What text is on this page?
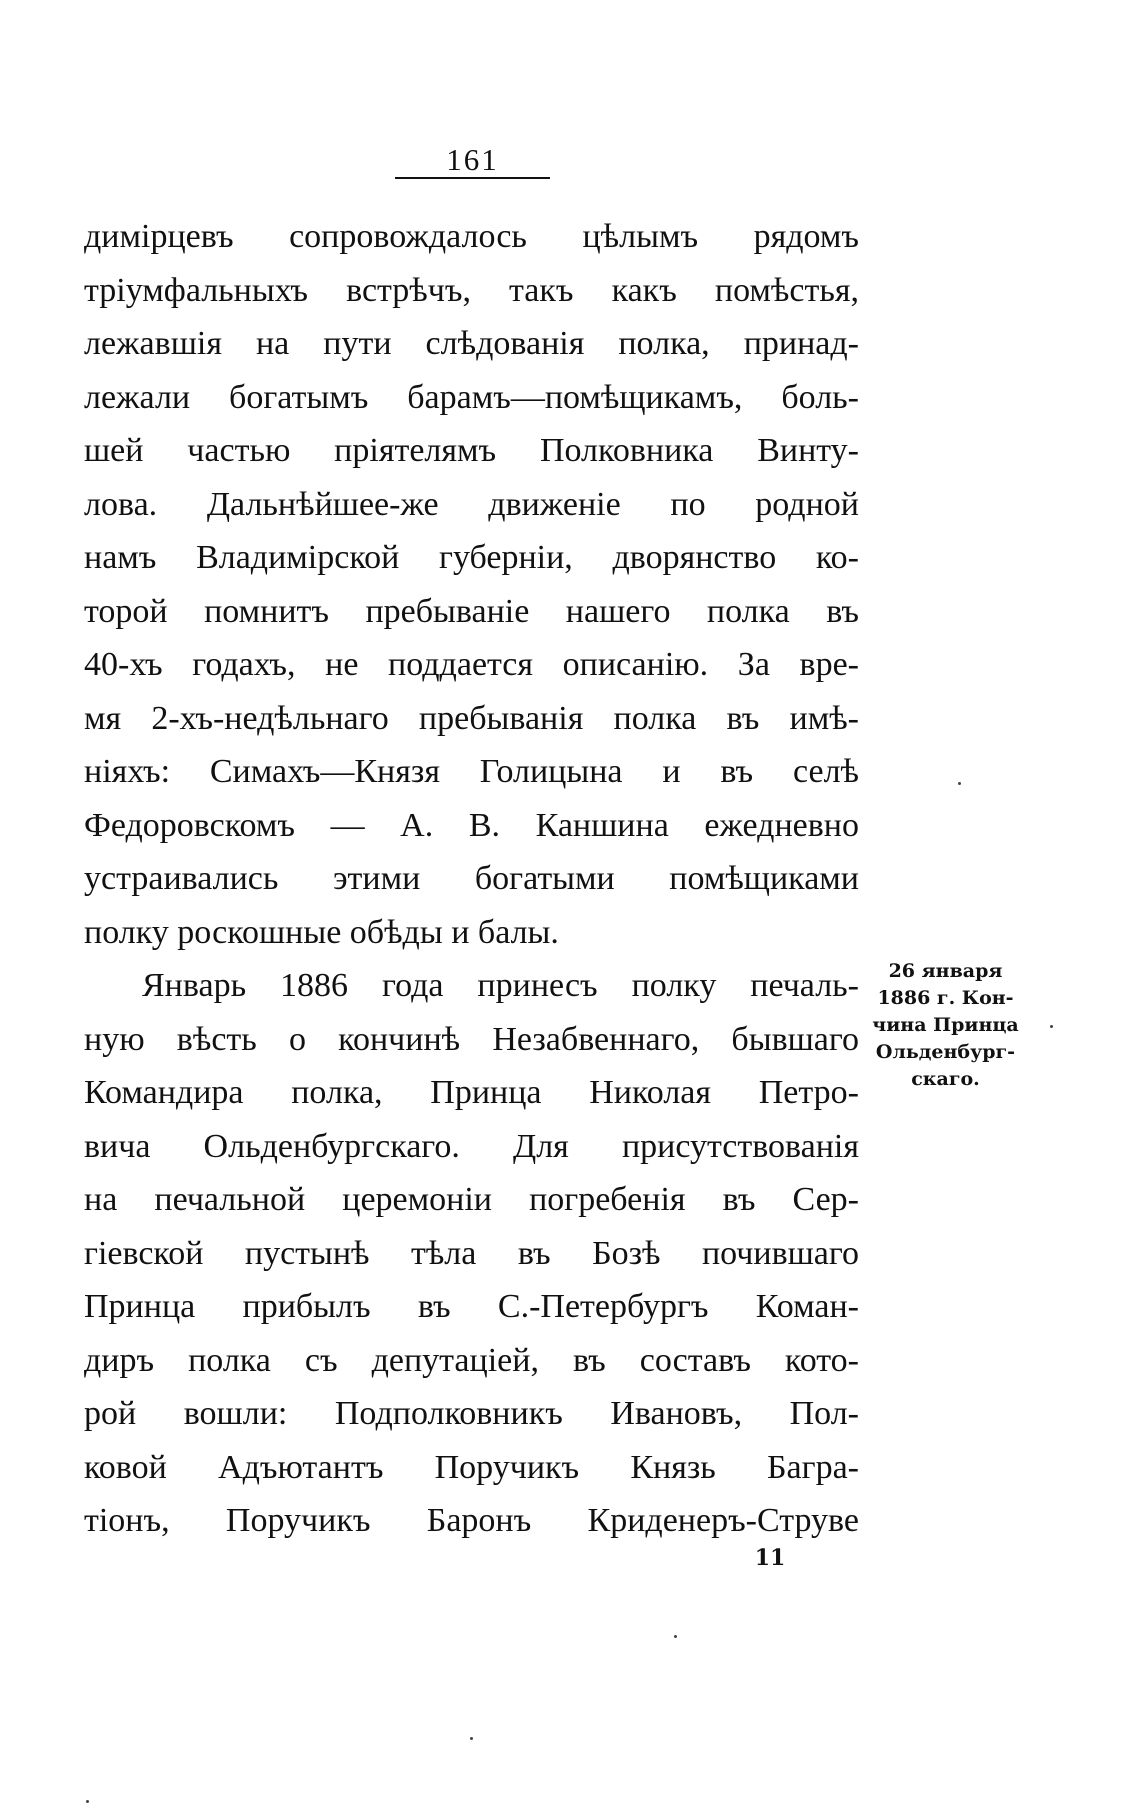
161
димірцевъ сопровождалось цѣлымъ рядомъ
тріумфальныхъ встрѣчъ, такъ какъ помѣстья,
лежавшія на пути слѣдованія полка, принад-
лежали богатымъ барамъ—помѣщикамъ, боль-
шей частью пріятелямъ Полковника Винту-
лова. Дальнѣйшее-же движеніе по родной
намъ Владимірской губерніи, дворянство ко-
торой помнитъ пребываніе нашего полка въ
40-хъ годахъ, не поддается описанію. За вре-
мя 2-хъ-недѣльнаго пребыванія полка въ имѣ-
ніяхъ: Симахъ—Князя Голицына и въ селѣ
Федоровскомъ — А. В. Каншина ежедневно
устраивались этими богатыми помѣщиками
полку роскошные обѣды и балы.
Январь 1886 года принесъ полку печаль-
ную вѣсть о кончинѣ Незабвеннаго, бывшаго
Командира полка, Принца Николая Петро-
вича Ольденбургскаго. Для присутствованія
на печальной церемоніи погребенія въ Сер-
гіевской пустынѣ тѣла въ Бозѣ почившаго
Принца прибылъ въ С.-Петербургъ Коман-
диръ полка съ депутаціей, въ составъ кото-
рой вошли: Подполковникъ Ивановъ, Пол-
ковой Адъютантъ Поручикъ Князь Багра-
тіонъ, Поручикъ Баронъ Криденеръ-Струве
26 января
1886 г. Кон-
чина Принца
Ольденбург-
скаго.
11
